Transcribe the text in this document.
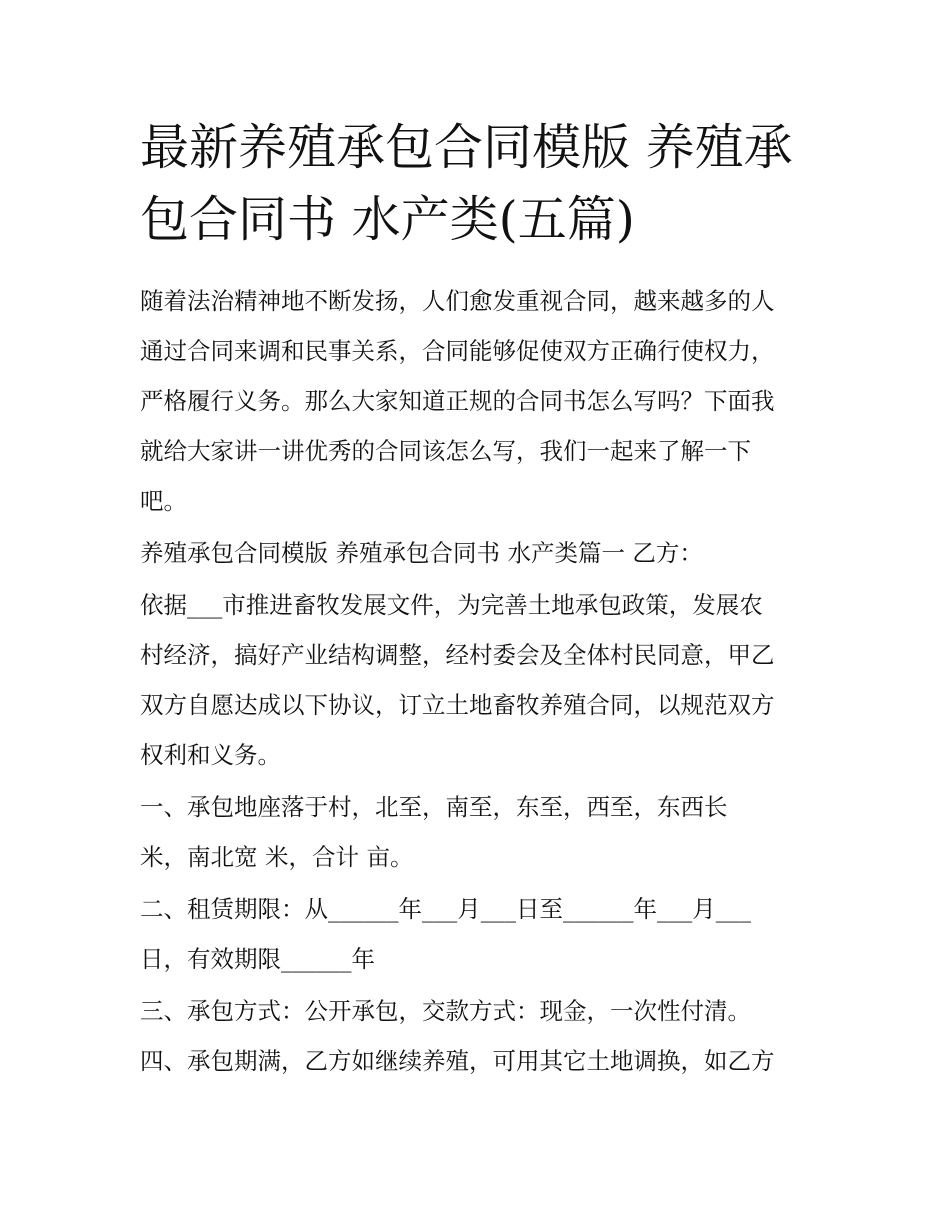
最新养殖承包合同模版 养殖承
包合同书 水产类(五篇)

随着法治精神地不断发扬，人们愈发重视合同，越来越多的人

通过合同来调和民事关系，合同能够促使双方正确行使权力，

严格履行义务。那么大家知道正规的合同书怎么写吗？下面我

就给大家讲一讲优秀的合同该怎么写，我们一起来了解一下

吧。

养殖承包合同模版 养殖承包合同书 水产类篇一 乙方：

依据___市推进畜牧发展文件，为完善土地承包政策，发展农

村经济，搞好产业结构调整，经村委会及全体村民同意，甲乙

双方自愿达成以下协议，订立土地畜牧养殖合同，以规范双方

权利和义务。

一、承包地座落于村，北至，南至，东至，西至，东西长

米，南北宽 米，合计 亩。

二、租赁期限：从______年___月___日至______年___月___

日，有效期限______年

三、承包方式：公开承包，交款方式：现金，一次性付清。

四、承包期满，乙方如继续养殖，可用其它土地调换，如乙方
